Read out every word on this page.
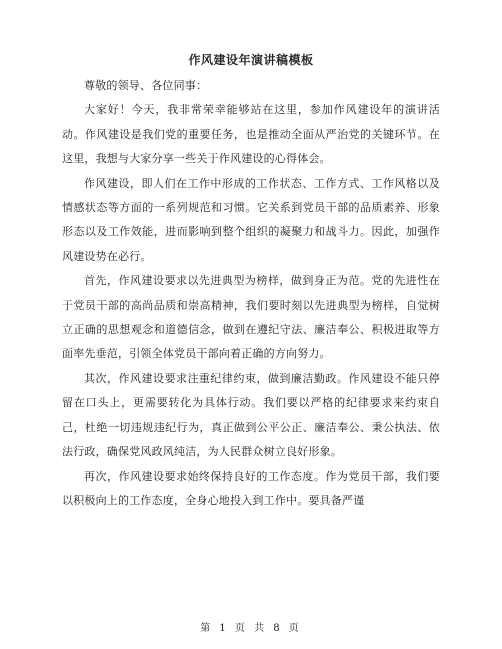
作风建设年演讲稿模板

尊敬的领导、各位同事：

大家好！今天，我非常荣幸能够站在这里，参加作风建设年的演讲活动。作风建设是我们党的重要任务，也是推动全面从严治党的关键环节。在这里，我想与大家分享一些关于作风建设的心得体会。

作风建设，即人们在工作中形成的工作状态、工作方式、工作风格以及情感状态等方面的一系列规范和习惯。它关系到党员干部的品质素养、形象形态以及工作效能，进而影响到整个组织的凝聚力和战斗力。因此，加强作风建设势在必行。

首先，作风建设要求以先进典型为榜样，做到身正为范。党的先进性在于党员干部的高尚品质和崇高精神，我们要时刻以先进典型为榜样，自觉树立正确的思想观念和道德信念，做到在遵纪守法、廉洁奉公、积极进取等方面率先垂范，引领全体党员干部向着正确的方向努力。

其次，作风建设要求注重纪律约束，做到廉洁勤政。作风建设不能只停留在口头上，更需要转化为具体行动。我们要以严格的纪律要求来约束自己，杜绝一切违规违纪行为，真正做到公平公正、廉洁奉公、秉公执法、依法行政，确保党风政风纯洁，为人民群众树立良好形象。

再次，作风建设要求始终保持良好的工作态度。作为党员干部，我们要以积极向上的工作态度，全身心地投入到工作中。要具备严谨

第 1 页 共 8 页
